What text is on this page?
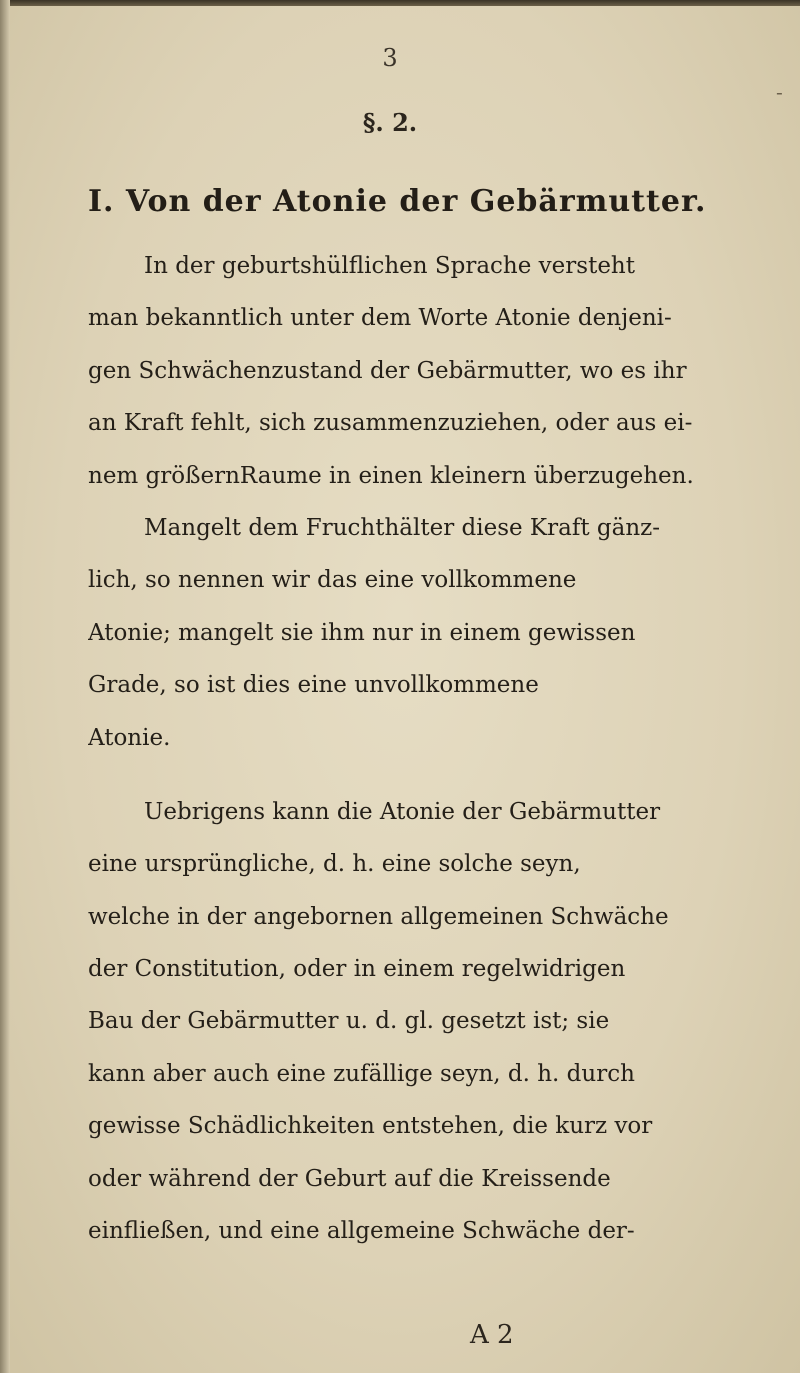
-
3
§. 2.
I. Von der Atonie der Gebärmutter.
In der geburtshülflichen Sprache versteht
man bekanntlich unter dem Worte Atonie denjeni-
gen Schwächenzustand der Gebärmutter, wo es ihr
an Kraft fehlt, sich zusammenzuziehen, oder aus ei-
nem größernRaume in einen kleinern überzugehen.
Mangelt dem Fruchthälter diese Kraft gänz-
lich, so nennen wir das eine vollkommene
Atonie; mangelt sie ihm nur in einem gewissen
Grade, so ist dies eine unvollkommene
Atonie.
Uebrigens kann die Atonie der Gebärmutter
eine ursprüngliche, d. h. eine solche seyn,
welche in der angebornen allgemeinen Schwäche
der Constitution, oder in einem regelwidrigen
Bau der Gebärmutter u. d. gl. gesetzt ist; sie
kann aber auch eine zufällige seyn, d. h. durch
gewisse Schädlichkeiten entstehen, die kurz vor
oder während der Geburt auf die Kreissende
einfließen, und eine allgemeine Schwäche der-
A 2
